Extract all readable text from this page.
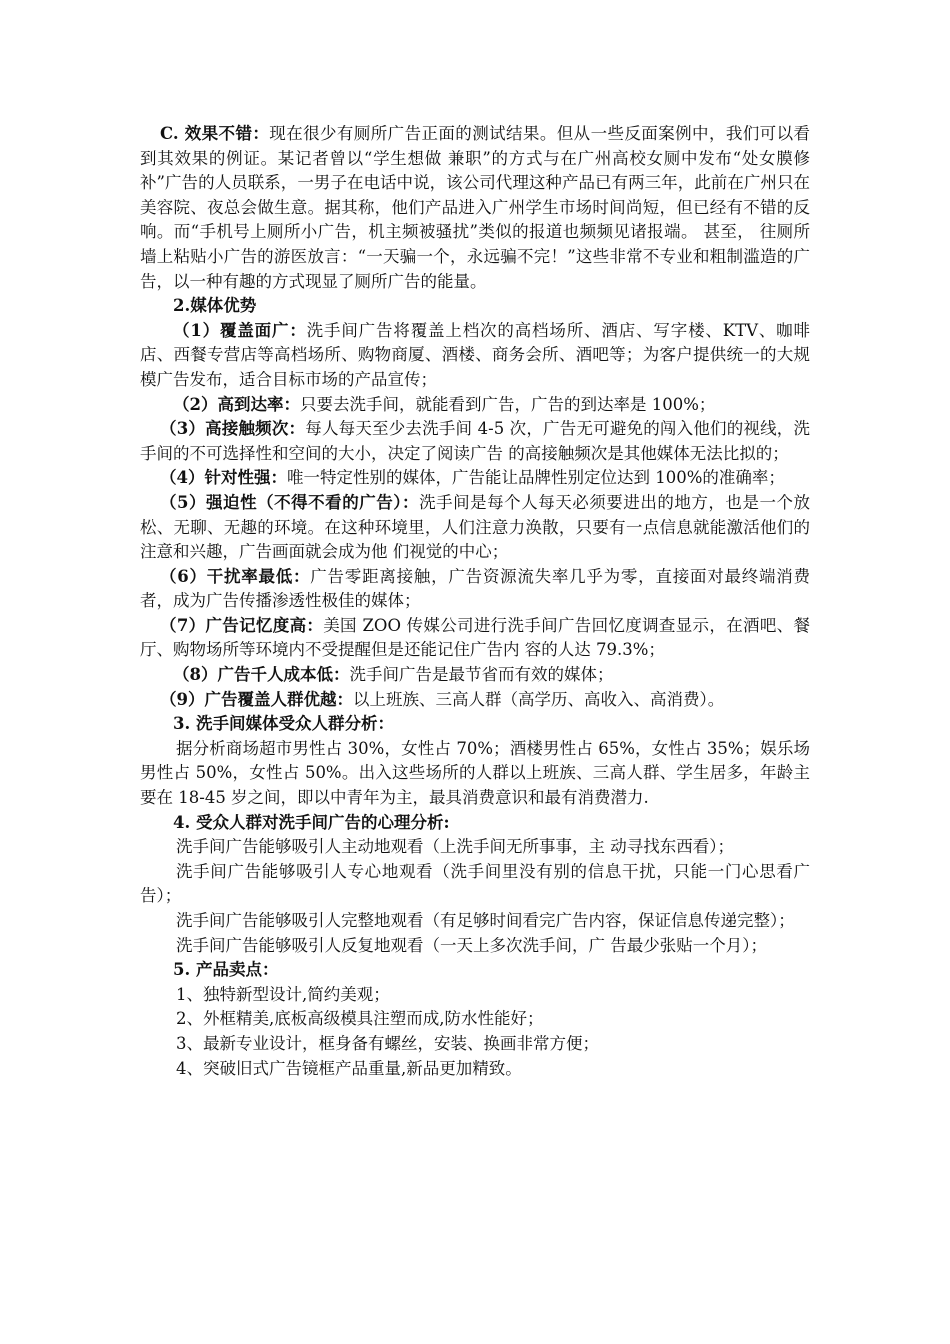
C. 效果不错：现在很少有厕所广告正面的测试结果。但从一些反面案例中，我们可以看到其效果的例证。某记者曾以“学生想做 兼职”的方式与在广州高校女厕中发布“处女膜修补”广告的人员联系，一男子在电话中说，该公司代理这种产品已有两三年，此前在广州只在美容院、夜总会做生意。据其称，他们产品进入广州学生市场时间尚短，但已经有不错的反响。而“手机号上厕所小广告，机主频被骚扰”类似的报道也频频见诸报端。 甚至， 往厕所墙上粘贴小广告的游医放言：“一天骗一个，永远骗不完！”这些非常不专业和粗制滥造的广告，以一种有趣的方式现显了厕所广告的能量。

2.媒体优势

（1）覆盖面广：洗手间广告将覆盖上档次的高档场所、酒店、写字楼、KTV、咖啡店、西餐专营店等高档场所、购物商厦、酒楼、商务会所、酒吧等；为客户提供统一的大规模广告发布，适合目标市场的产品宣传；

（2）高到达率：只要去洗手间，就能看到广告，广告的到达率是 100%；

（3）高接触频次：每人每天至少去洗手间 4-5 次，广告无可避免的闯入他们的视线，洗手间的不可选择性和空间的大小，决定了阅读广告 的高接触频次是其他媒体无法比拟的；

（4）针对性强：唯一特定性别的媒体，广告能让品牌性别定位达到 100%的准确率；

（5）强迫性（不得不看的广告）：洗手间是每个人每天必须要进出的地方，也是一个放松、无聊、无趣的环境。在这种环境里，人们注意力涣散，只要有一点信息就能激活他们的注意和兴趣，广告画面就会成为他 们视觉的中心；

（6）干扰率最低：广告零距离接触，广告资源流失率几乎为零，直接面对最终端消费者，成为广告传播渗透性极佳的媒体；

（7）广告记忆度高：美国 ZOO 传媒公司进行洗手间广告回忆度调查显示，在酒吧、餐厅、购物场所等环境内不受提醒但是还能记住广告内 容的人达 79.3%；

（8）广告千人成本低：洗手间广告是最节省而有效的媒体；

（9）广告覆盖人群优越：以上班族、三高人群（高学历、高收入、高消费）。

3. 洗手间媒体受众人群分析：

据分析商场超市男性占 30%，女性占 70%；酒楼男性占 65%，女性占 35%；娱乐场男性占 50%，女性占 50%。出入这些场所的人群以上班族、三高人群、学生居多，年龄主要在 18-45 岁之间，即以中青年为主，最具消费意识和最有消费潜力.

4. 受众人群对洗手间广告的心理分析:

洗手间广告能够吸引人主动地观看（上洗手间无所事事，主 动寻找东西看）；

洗手间广告能够吸引人专心地观看（洗手间里没有别的信息干扰，只能一门心思看广告）；

洗手间广告能够吸引人完整地观看（有足够时间看完广告内容，保证信息传递完整）；

洗手间广告能够吸引人反复地观看（一天上多次洗手间，广 告最少张贴一个月）；

5. 产品卖点：

1、独特新型设计,简约美观；

2、外框精美,底板高级模具注塑而成,防水性能好；

3、最新专业设计，框身备有螺丝，安装、换画非常方便；

4、突破旧式广告镜框产品重量,新品更加精致。
